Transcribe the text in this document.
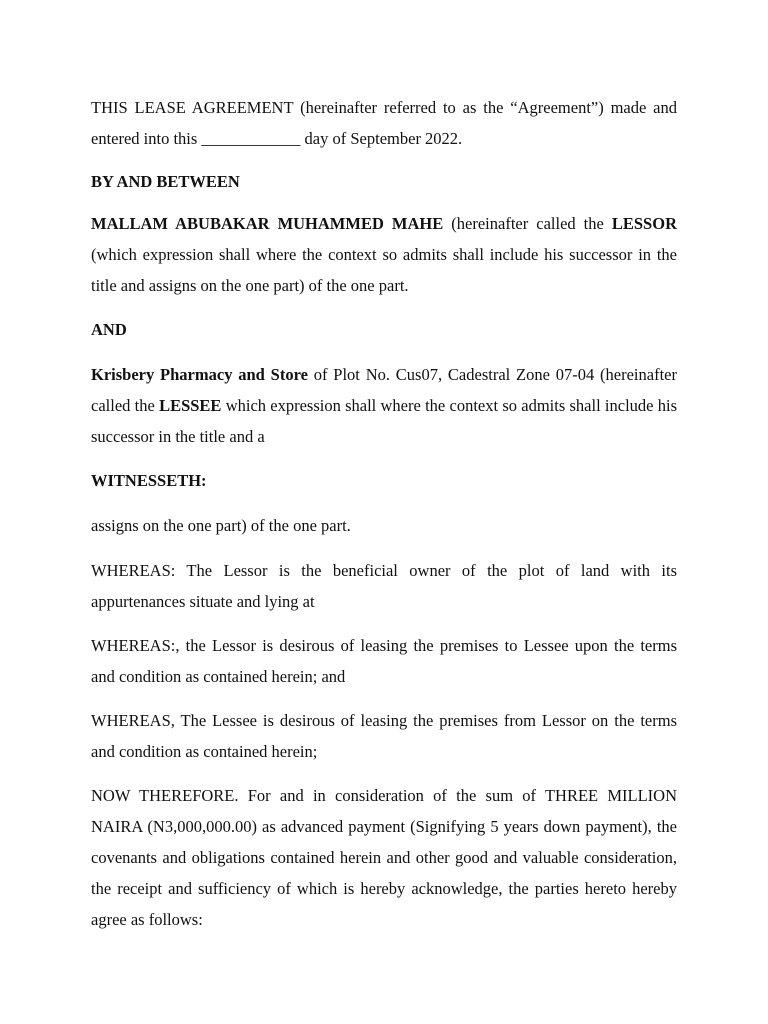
THIS LEASE AGREEMENT (hereinafter referred to as the “Agreement”) made and entered into this ____________ day of September 2022.

BY AND BETWEEN

MALLAM ABUBAKAR MUHAMMED MAHE (hereinafter called the LESSOR (which expression shall where the context so admits shall include his successor in the title and assigns on the one part) of the one part.

AND

Krisbery Pharmacy and Store of Plot No. Cus07, Cadestral Zone 07-04 (hereinafter called the LESSEE which expression shall where the context so admits shall include his successor in the title and a

WITNESSETH:

assigns on the one part) of the one part.

WHEREAS: The Lessor is the beneficial owner of the plot of land with its appurtenances situate and lying at

WHEREAS:, the Lessor is desirous of leasing the premises to Lessee upon the terms and condition as contained herein; and

WHEREAS, The Lessee is desirous of leasing the premises from Lessor on the terms and condition as contained herein;

NOW THEREFORE. For and in consideration of the sum of THREE MILLION NAIRA (N3,000,000.00) as advanced payment (Signifying 5 years down payment), the covenants and obligations contained herein and other good and valuable consideration, the receipt and sufficiency of which is hereby acknowledge, the parties hereto hereby agree as follows:
